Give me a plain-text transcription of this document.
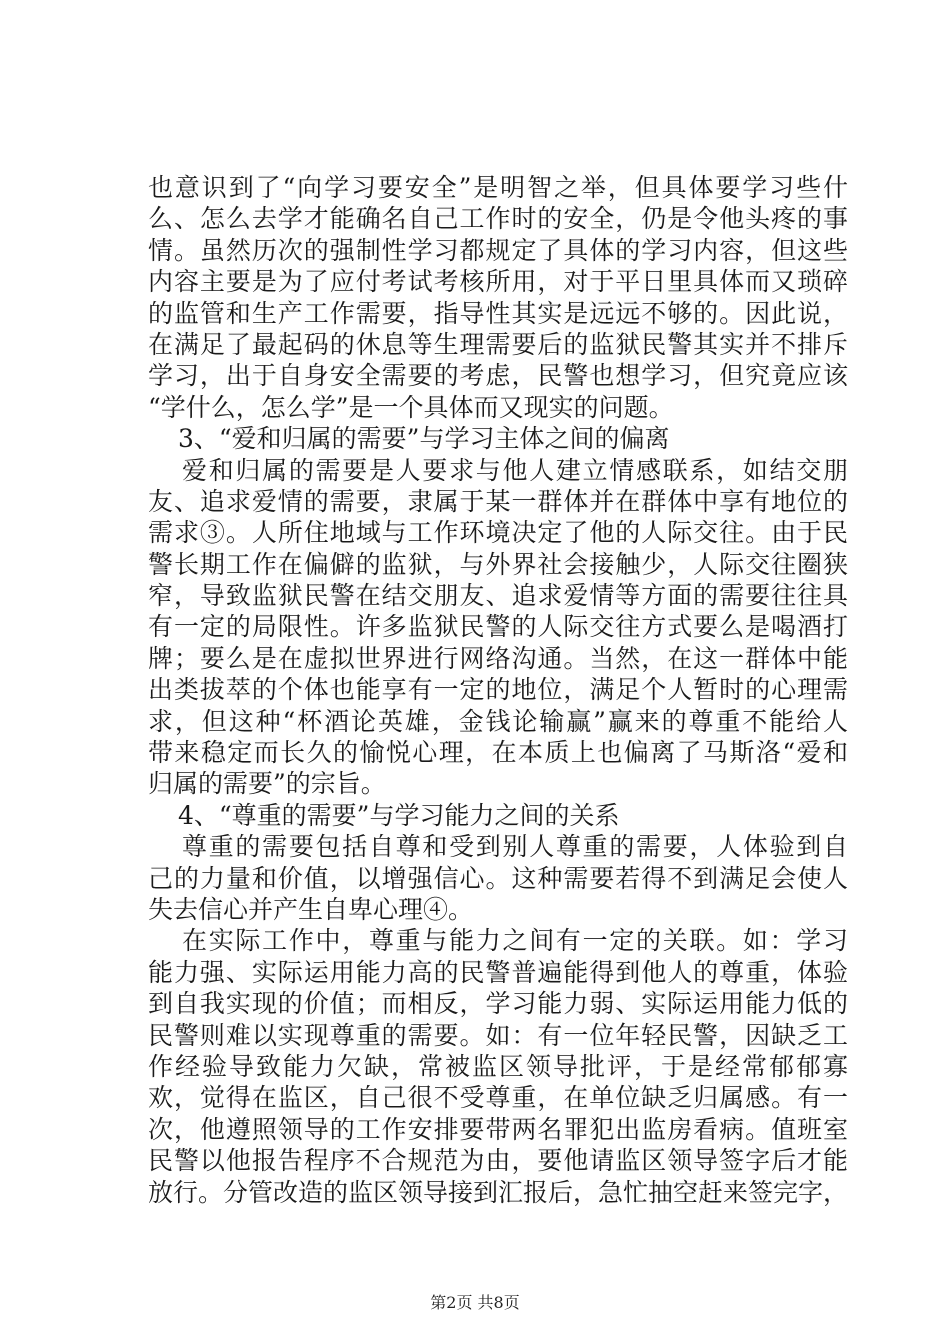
也意识到了“向学习要安全”是明智之举，但具体要学习些什
么、怎么去学才能确名自己工作时的安全，仍是令他头疼的事
情。虽然历次的强制性学习都规定了具体的学习内容，但这些
内容主要是为了应付考试考核所用，对于平日里具体而又琐碎
的监管和生产工作需要，指导性其实是远远不够的。因此说，
在满足了最起码的休息等生理需要后的监狱民警其实并不排斥
学习，出于自身安全需要的考虑，民警也想学习，但究竟应该
“学什么，怎么学”是一个具体而又现实的问题。
3、“爱和归属的需要”与学习主体之间的偏离
爱和归属的需要是人要求与他人建立情感联系，如结交朋
友、追求爱情的需要，隶属于某一群体并在群体中享有地位的
需求③。人所住地域与工作环境决定了他的人际交往。由于民
警长期工作在偏僻的监狱，与外界社会接触少，人际交往圈狭
窄，导致监狱民警在结交朋友、追求爱情等方面的需要往往具
有一定的局限性。许多监狱民警的人际交往方式要么是喝酒打
牌；要么是在虚拟世界进行网络沟通。当然，在这一群体中能
出类拔萃的个体也能享有一定的地位，满足个人暂时的心理需
求，但这种“杯酒论英雄，金钱论输赢”赢来的尊重不能给人
带来稳定而长久的愉悦心理，在本质上也偏离了马斯洛“爱和
归属的需要”的宗旨。
4、“尊重的需要”与学习能力之间的关系
尊重的需要包括自尊和受到别人尊重的需要，人体验到自
己的力量和价值，以增强信心。这种需要若得不到满足会使人
失去信心并产生自卑心理④。
在实际工作中，尊重与能力之间有一定的关联。如：学习
能力强、实际运用能力高的民警普遍能得到他人的尊重，体验
到自我实现的价值；而相反，学习能力弱、实际运用能力低的
民警则难以实现尊重的需要。如：有一位年轻民警，因缺乏工
作经验导致能力欠缺，常被监区领导批评，于是经常郁郁寡
欢，觉得在监区，自己很不受尊重，在单位缺乏归属感。有一
次，他遵照领导的工作安排要带两名罪犯出监房看病。值班室
民警以他报告程序不合规范为由，要他请监区领导签字后才能
放行。分管改造的监区领导接到汇报后，急忙抽空赶来签完字，
第2页 共8页
